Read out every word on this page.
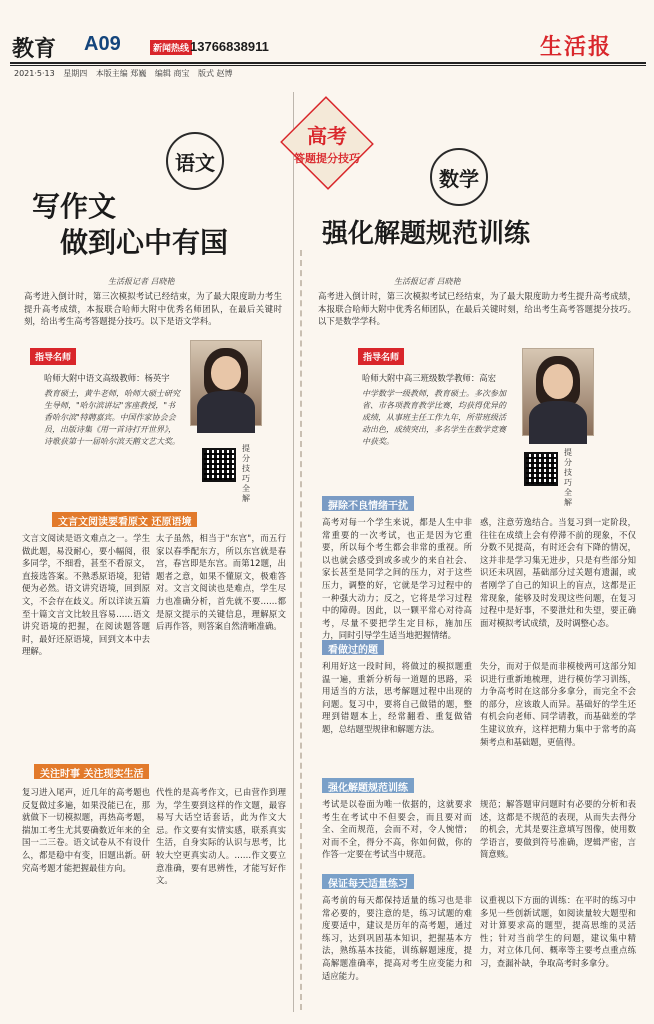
教育 A09	新闻热线 13766838911	生活报
2021·5·13 星期四 本版主编 郑巍 编辑 商宝 版式 赵博
语文
数学
高考
答题提分技巧
写作文
做到心中有国
生活报记者 吕晓艳
高考进入倒计时，第三次模拟考试已经结束，为了最大限度助力考生提升高考成绩，本报联合哈师大附中优秀名师团队，在最后关键时刻，给出考生高考答题提分技巧。以下是语文学科。
指导名师
哈师大附中语文高级教师：杨英宇
教育硕士，黄牛老师，哈师大硕士研究生导师，"哈尔滨讲坛"客座教授，"书香哈尔滨"特聘嘉宾。中国作家协会会员，出版诗集《用一首诗打开世界》，诗歌获第十一届哈尔滨天鹅文艺大奖。
提分技巧全解
文言文阅读要看原文 还原语境
文言文阅读是语文难点之一。学生做此题，易没耐心，要小幅阅，很多同学，不细看，甚至不看原文，直接选答案。不熟悉原语境，犯错便为必然。语文讲究语境，回到原文，不会存在歧义。所以详读五篇至十篇文言文比较且容易……语文讲究语境的把握，在阅读题答题时，最好还原语境，回到文本中去理解。
太子虽然，相当于"东宫"，而五行家以春季配东方，所以东宫就是春宫，春宫即是东宫。而第12题，出题者之意，如果不懂原文，极难答对。文言文阅读也是难点，学生尽力也准确分析，首先就不要……都是原文提示的关键信息，理解原文后再作答，则答案自然清晰准确。
关注时事 关注现实生活
复习进入尾声，近几年的高考题也反复做过多遍，如果没能已在，那就做下一切模拟题，再热高考题，揣加工考生尤其要确数近年来的全国一二三卷。语文试卷从不有设什么，都是稳中有变，旧题出新。研究高考题才能把握最佳方向。
代性的是高考作文，已由营作到理为，学生要到这样的作文题，最容易写大话空话套话，此为作文大忌。作文要有实情实感，联系真实生活，自身实际的认识与思考，比较大空更真实动人。……作文要立意准确，要有思辨性，才能写好作文。
强化解题规范训练
生活报记者 吕晓艳
高考进入倒计时，第三次模拟考试已经结束，为了最大限度助力考生提升高考成绩，本报联合哈师大附中优秀名师团队，在最后关键时刻，给出考生高考答题提分技巧。以下是数学学科。
指导名师
哈师大附中高三班级数学教师：高宏
中学数学一级教师，教育硕士。多次参加省、市各项教育教学比赛，均获得优异的成绩，从事班主任工作九年，所带班级活动出色，成绩突出，多名学生在数学竞赛中获奖。
提分技巧全解
摒除不良情绪干扰
高考对每一个学生来说，都是人生中非常重要的一次考试，也正是因为它重要，所以每个考生都会非常的重视。所以也就会感受到或多或少的来自社会、家长甚至是同学之间的压力，对于这些压力，调整的好，它就是学习过程中的一种强大动力；反之，它将是学习过程中的障碍。因此，以一颗平常心对待高考，尽量不要把学生定目标，施加压力，同时引导学生适当地把握情绪。
惑，注意劳逸结合。当复习到一定阶段，往往在成绩上会有停滞不前的现象，不仅分数不见提高，有时还会有下降的情况，这并非是学习集无进步，只是有些部分知识还未巩固，基础部分过关题有遗漏，或者刚学了自己的知识上的盲点，这都是正常现象，能够及时发现这些问题，在复习过程中是好事，不要泄灶和失望，要正确面对模拟考试成绩，及时调整心态。
看做过的题
利用好这一段时间，将做过的模拟题重温一遍，重新分析每一道题的思路，采用适当的方法，思考解题过程中出现的问题。复习中，要将自己做错的题，整理到错题本上，经常翻看、重复做错题，总结题型规律和解题方法。
失分，而对于似是而非模棱两可这部分知识进行重新地梳理，进行模仿学习训练，力争高考时在这部分多拿分，而完全不会的部分，应该敢人而异。基础好的学生还有机会向老师、同学请教，而基础差的学生建议放弃，这样把精力集中于常考的高频考点和基础题，更值得。
强化解题规范训练
考试是以卷面为唯一依据的，这就要求考生在考试中不但要会，而且要对而全、全而规范，会而不对，令人惋惜；对而不全，得分不高，你如何做，你的作答一定要在考试当中规范。
规范；解答题审问题时有必要的分析和表述，这都是不规范的表现，从而失去得分的机会，尤其是要注意填写图像，使用数学语言，要做到符号准确，逻辑严密，言简意赅。
保证每天适量练习
高考前的每天都保持适量的练习也是非常必要的，要注意的是，练习试题的难度要适中，建议是历年的高考题，通过练习，达到巩固基本知识，把握基本方法，熟练基本技能，训练解题速度，提高解题准确率，提高对考生应变能力和适应能力。
议重视以下方面的训练：在平时的练习中多见一些创新试题，如阅读量较大题型和对计算要求高的题型，提高思维的灵活性；针对当前学生的问题，建议集中精力，对立体几何、概率等主要考点重点练习，查漏补缺，争取高考时多拿分。
